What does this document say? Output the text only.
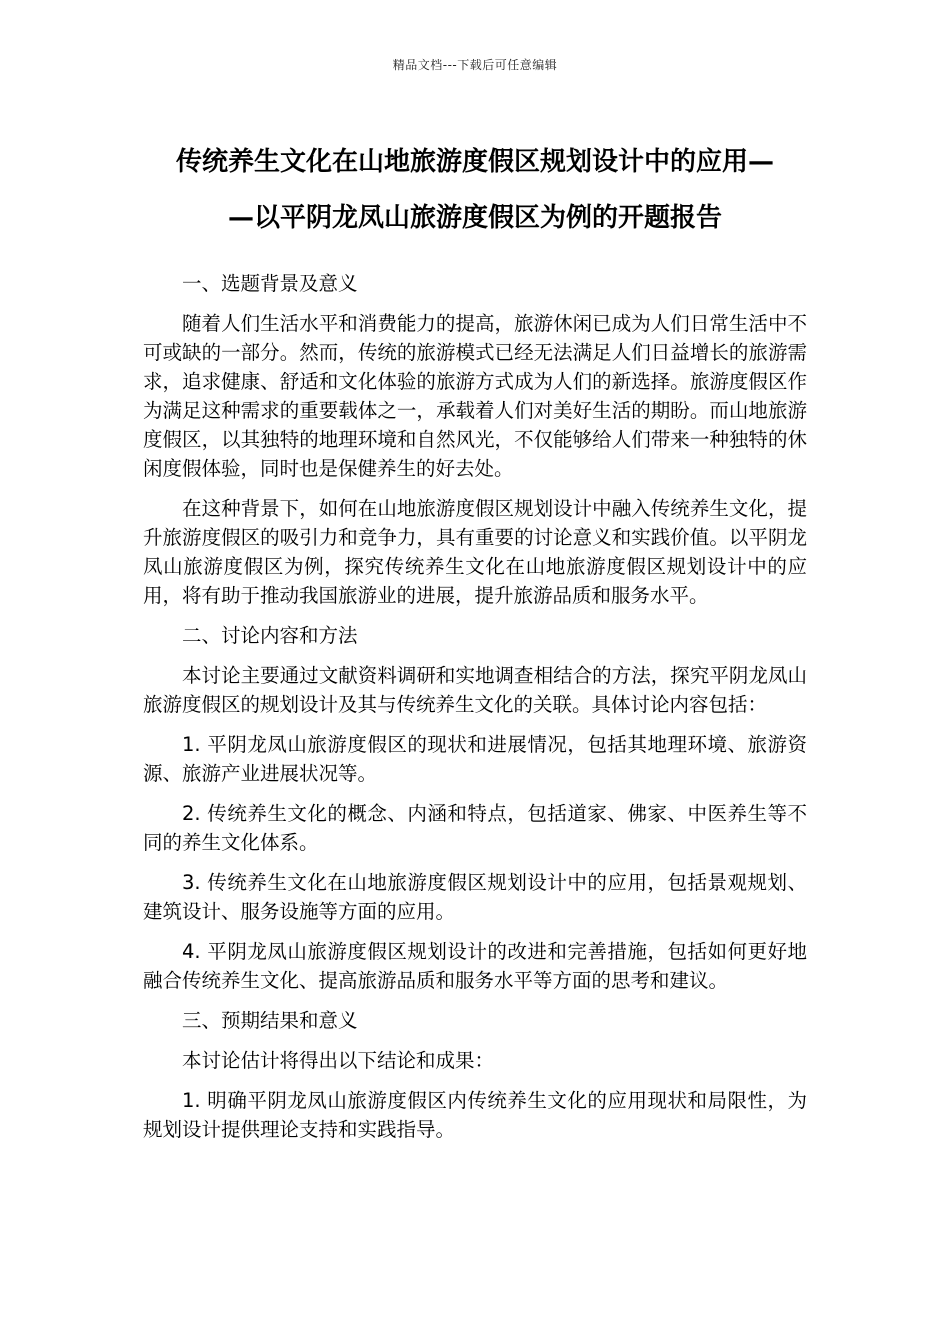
精品文档---下载后可任意编辑
传统养生文化在山地旅游度假区规划设计中的应用—
—以平阴龙凤山旅游度假区为例的开题报告

一、选题背景及意义

随着人们生活水平和消费能力的提高，旅游休闲已成为人们日常生活中不可或缺的一部分。然而，传统的旅游模式已经无法满足人们日益增长的旅游需求，追求健康、舒适和文化体验的旅游方式成为人们的新选择。旅游度假区作为满足这种需求的重要载体之一，承载着人们对美好生活的期盼。而山地旅游度假区，以其独特的地理环境和自然风光，不仅能够给人们带来一种独特的休闲度假体验，同时也是保健养生的好去处。

在这种背景下，如何在山地旅游度假区规划设计中融入传统养生文化，提升旅游度假区的吸引力和竞争力，具有重要的讨论意义和实践价值。以平阴龙凤山旅游度假区为例，探究传统养生文化在山地旅游度假区规划设计中的应用，将有助于推动我国旅游业的进展，提升旅游品质和服务水平。

二、讨论内容和方法

本讨论主要通过文献资料调研和实地调查相结合的方法，探究平阴龙凤山旅游度假区的规划设计及其与传统养生文化的关联。具体讨论内容包括：

1. 平阴龙凤山旅游度假区的现状和进展情况，包括其地理环境、旅游资源、旅游产业进展状况等。

2. 传统养生文化的概念、内涵和特点，包括道家、佛家、中医养生等不同的养生文化体系。

3. 传统养生文化在山地旅游度假区规划设计中的应用，包括景观规划、建筑设计、服务设施等方面的应用。

4. 平阴龙凤山旅游度假区规划设计的改进和完善措施，包括如何更好地融合传统养生文化、提高旅游品质和服务水平等方面的思考和建议。

三、预期结果和意义

本讨论估计将得出以下结论和成果：

1. 明确平阴龙凤山旅游度假区内传统养生文化的应用现状和局限性，为规划设计提供理论支持和实践指导。
